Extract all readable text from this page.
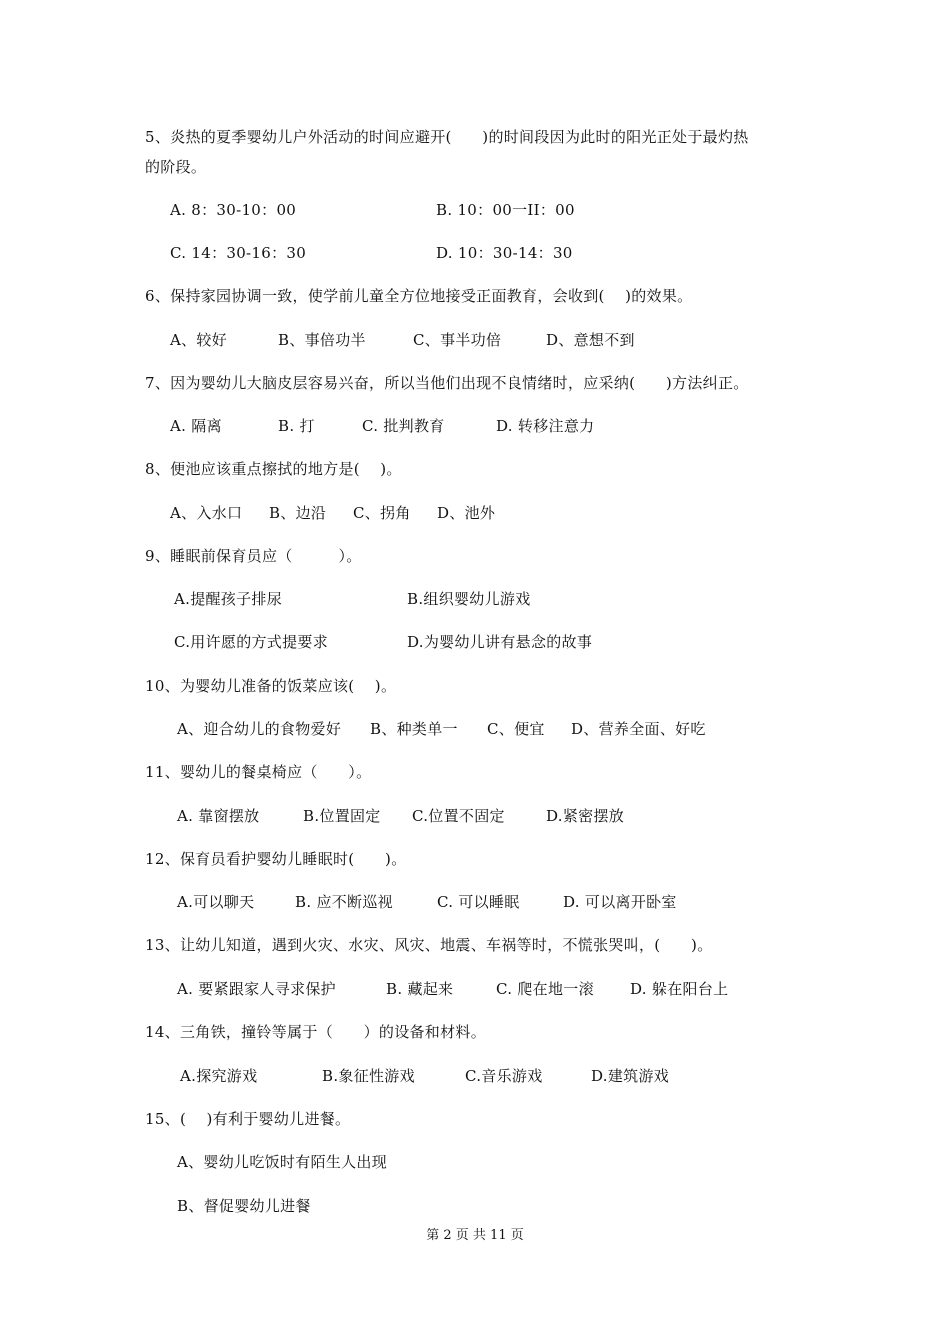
5、炎热的夏季婴幼儿户外活动的时间应避开(　　)的时间段因为此时的阳光正处于最灼热
的阶段。
A. 8：30-10：00	B. 10：00一II：00
C. 14：30-16：30	D. 10：30-14：30
6、保持家园协调一致，使学前儿童全方位地接受正面教育，会收到(　 )的效果。
A、较好	B、事倍功半	C、事半功倍	D、意想不到
7、因为婴幼儿大脑皮层容易兴奋，所以当他们出现不良情绪时，应采纳(　　)方法纠正。
A. 隔离	B. 打	C. 批判教育	D. 转移注意力
8、便池应该重点擦拭的地方是(　 )。
A、入水口 B、边沿 C、拐角 D、池外
9、睡眠前保育员应（　　　）。
A.提醒孩子排尿	B.组织婴幼儿游戏
C.用许愿的方式提要求	D.为婴幼儿讲有悬念的故事
10、为婴幼儿准备的饭菜应该(　 )。
A、迎合幼儿的食物爱好 B、种类单一 C、便宜 D、营养全面、好吃
11、婴幼儿的餐桌椅应（　　）。
A. 靠窗摆放	B.位置固定 C.位置不固定	D.紧密摆放
12、保育员看护婴幼儿睡眠时(　　)。
A.可以聊天	B. 应不断巡视	C. 可以睡眠	D. 可以离开卧室
13、让幼儿知道，遇到火灾、水灾、风灾、地震、车祸等时，不慌张哭叫，(　　)。
A. 要紧跟家人寻求保护	B. 藏起来	C. 爬在地一滚 D. 躲在阳台上
14、三角铁，撞铃等属于（　　）的设备和材料。
A.探究游戏	B.象征性游戏	C.音乐游戏	D.建筑游戏
15、(　 )有利于婴幼儿进餐。
A、婴幼儿吃饭时有陌生人出现
B、督促婴幼儿进餐
第 2 页 共 11 页
